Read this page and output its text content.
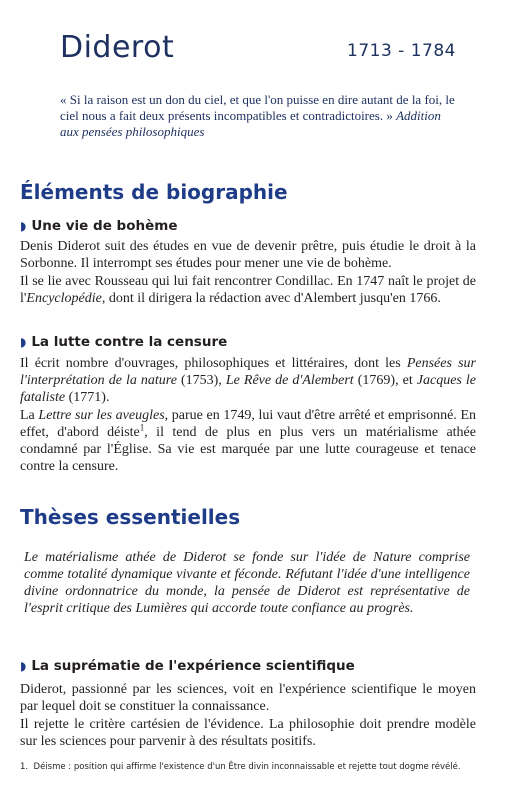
Diderot	1713 - 1784
« Si la raison est un don du ciel, et que l'on puisse en dire autant de la foi, le ciel nous a fait deux présents incompatibles et contradictoires. » Addition aux pensées philosophiques
Éléments de biographie
◗ Une vie de bohème
Denis Diderot suit des études en vue de devenir prêtre, puis étudie le droit à la Sorbonne. Il interrompt ses études pour mener une vie de bohème.
Il se lie avec Rousseau qui lui fait rencontrer Condillac. En 1747 naît le projet de l'Encyclopédie, dont il dirigera la rédaction avec d'Alembert jusqu'en 1766.
◗ La lutte contre la censure
Il écrit nombre d'ouvrages, philosophiques et littéraires, dont les Pensées sur l'interprétation de la nature (1753), Le Rêve de d'Alembert (1769), et Jacques le fataliste (1771).
La Lettre sur les aveugles, parue en 1749, lui vaut d'être arrêté et emprisonné. En effet, d'abord déiste$^1$, il tend de plus en plus vers un matérialisme athée condamné par l'Église. Sa vie est marquée par une lutte courageuse et tenace contre la censure.
Thèses essentielles
Le matérialisme athée de Diderot se fonde sur l'idée de Nature comprise comme totalité dynamique vivante et féconde. Réfutant l'idée d'une intelligence divine ordonnatrice du monde, la pensée de Diderot est représentative de l'esprit critique des Lumières qui accorde toute confiance au progrès.
◗ La suprématie de l'expérience scientifique
Diderot, passionné par les sciences, voit en l'expérience scientifique le moyen par lequel doit se constituer la connaissance.
Il rejette le critère cartésien de l'évidence. La philosophie doit prendre modèle sur les sciences pour parvenir à des résultats positifs.
1. Déisme : position qui affirme l'existence d'un Être divin inconnaissable et rejette tout dogme révélé.
